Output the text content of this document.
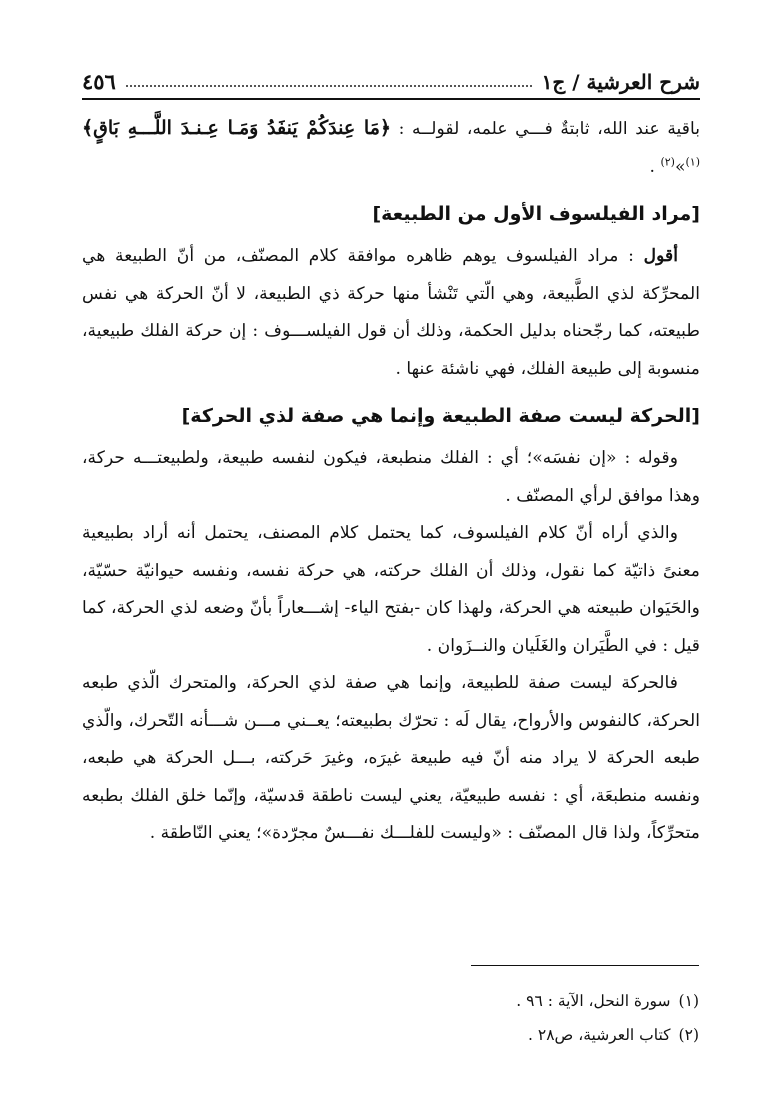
شرح العرشية / ج١
٤٥٦

باقية عند الله، ثابتةٌ فـــي علمه، لقولــه : ﴿مَا عِندَكُمْ يَنفَدُ وَمَـا عِـنـدَ اللَّـــهِ بَاقٍ﴾$^{(١)}$»$^{(٢)}$ .

[مراد الفيلسوف الأول من الطبيعة]

أقول : مراد الفيلسوف يوهم ظاهره موافقة كلام المصنّف، من أنّ الطبيعة هي المحرِّكة لذي الطَّبيعة، وهي الّتي تَنْشأ منها حركة ذي الطبيعة، لا أنّ الحركة هي نفس طبيعته، كما رجّحناه بدليل الحكمة، وذلك أن قول الفيلســـوف : إن حركة الفلك طبيعية، منسوبة إلى طبيعة الفلك، فهي ناشئة عنها .

[الحركة ليست صفة الطبيعة وإنما هي صفة لذي الحركة]

وقوله : «إن نفسَه»؛ أي : الفلك منطبعة، فيكون لنفسه طبيعة، ولطبيعتـــه حركة، وهذا موافق لرأي المصنّف .

والذي أراه أنّ كلام الفيلسوف، كما يحتمل كلام المصنف، يحتمل أنه أراد بطبيعية معنىً ذاتيّة كما نقول، وذلك أن الفلك حركته، هي حركة نفسه، ونفسه حيوانيّة حسّيّة، والحَيَوان طبيعته هي الحركة، ولهذا كان -بفتح الياء- إشـــعاراً بأنّ وضعه لذي الحركة، كما قيل : في الطَّيَران والغَلَيان والنــزَوان .

فالحركة ليست صفة للطبيعة، وإنما هي صفة لذي الحركة، والمتحرك الّذي طبعه الحركة، كالنفوس والأرواح، يقال لَه : تحرّك بطبيعته؛ يعــني مـــن شـــأنه التّحرك، والّذي طبعه الحركة لا يراد منه أنّ فيه طبيعة غيرَه، وغيرَ حَركته، بـــل الحركة هي طبعه، ونفسه منطبعَة، أي : نفسه طبيعيّة، يعني ليست ناطقة قدسيّة، وإنّما خلق الفلك بطبعه متحرِّكاً، ولذا قال المصنّف : «وليست للفلـــك نفـــسٌ مجرّدة»؛ يعني النّاطقة .

(١)سورة النحل، الآية : ٩٦ .
(٢)كتاب العرشية، ص٢٨ .
